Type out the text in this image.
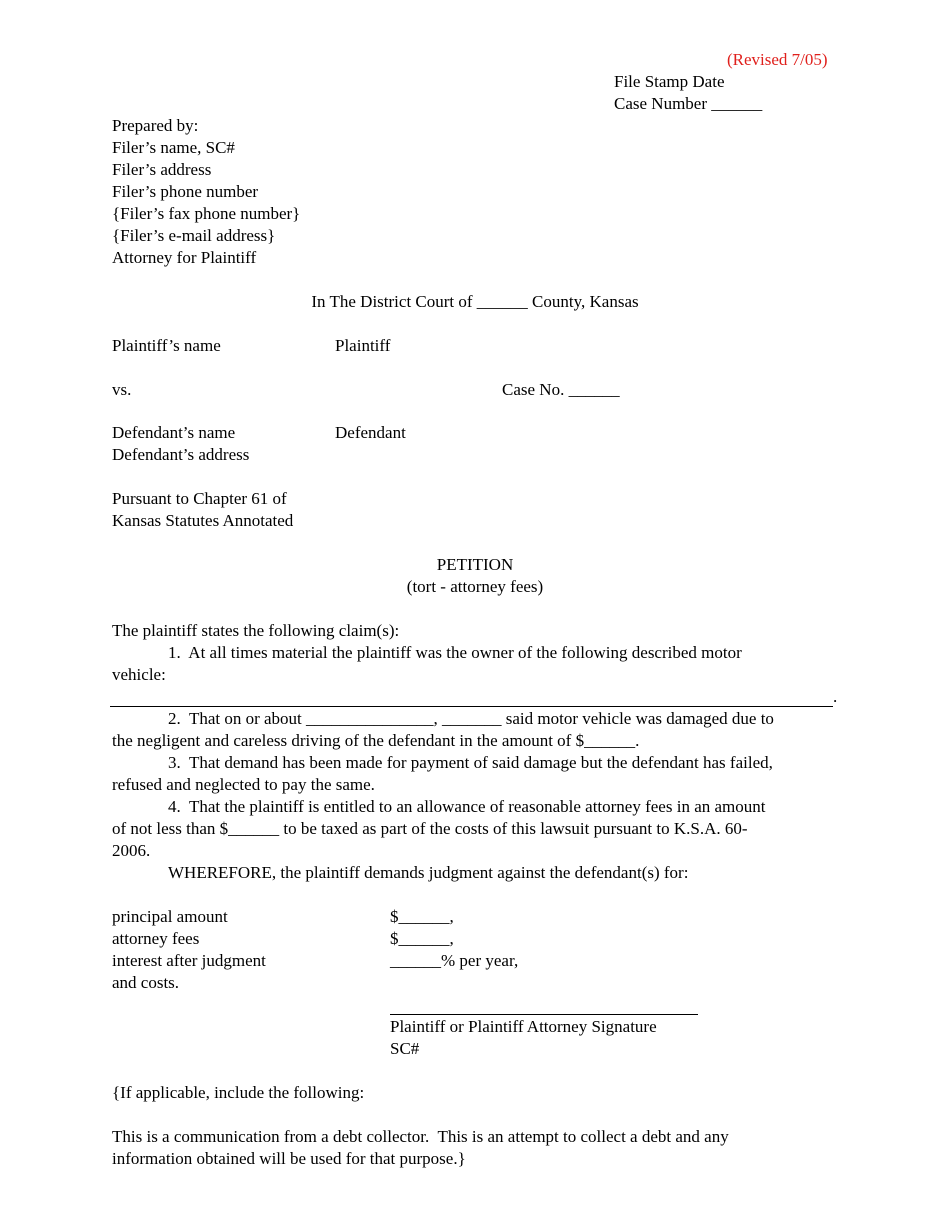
(Revised 7/05)

File Stamp Date

Case Number ______

Prepared by:

Filer’s name, SC#

Filer’s address

Filer’s phone number

{Filer’s fax phone number}

{Filer’s e-mail address}

Attorney for Plaintiff

In The District Court of ______ County, Kansas

Plaintiff’s name	Plaintiff

vs.	Case No. ______

Defendant’s name	Defendant

Defendant’s address

Pursuant to Chapter 61 of

Kansas Statutes Annotated

PETITION

(tort - attorney fees)

The plaintiff states the following claim(s):

1.  At all times material the plaintiff was the owner of the following described motor

vehicle:

.

2.  That on or about _______________, _______ said motor vehicle was damaged due to

the negligent and careless driving of the defendant in the amount of $______.

3.  That demand has been made for payment of said damage but the defendant has failed,

refused and neglected to pay the same.

4.  That the plaintiff is entitled to an allowance of reasonable attorney fees in an amount

of not less than $______ to be taxed as part of the costs of this lawsuit pursuant to K.S.A. 60-

2006.

WHEREFORE, the plaintiff demands judgment against the defendant(s) for:

principal amount	$______,

attorney fees	$______,

interest after judgment	______% per year,

and costs.

Plaintiff or Plaintiff Attorney Signature

SC#

{If applicable, include the following:

This is a communication from a debt collector.  This is an attempt to collect a debt and any

information obtained will be used for that purpose.}
